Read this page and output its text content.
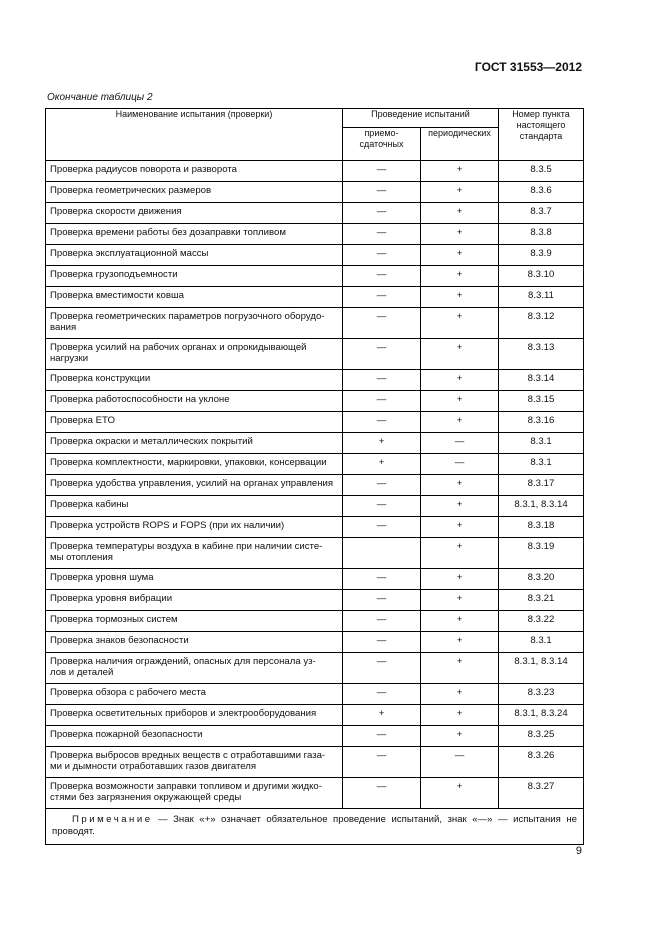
ГОСТ 31553—2012
Окончание таблицы 2
Наименование испытания (проверки)	Проведение испытаний		Номер пункта
настоящего
стандарта
	приемо-
сдаточных	периодических	
Проверка радиусов поворота и разворота	—	+	8.3.5
Проверка геометрических размеров	—	+	8.3.6
Проверка скорости движения	—	+	8.3.7
Проверка времени работы без дозаправки топливом	—	+	8.3.8
Проверка эксплуатационной массы	—	+	8.3.9
Проверка грузоподъемности	—	+	8.3.10
Проверка вместимости ковша	—	+	8.3.11
Проверка геометрических параметров погрузочного оборудо-
вания	—	+	8.3.12
Проверка усилий на рабочих органах и опрокидывающей
нагрузки	—	+	8.3.13
Проверка конструкции	—	+	8.3.14
Проверка работоспособности на уклоне	—	+	8.3.15
Проверка ЕТО	—	+	8.3.16
Проверка окраски и металлических покрытий	+	—	8.3.1
Проверка комплектности, маркировки, упаковки, консервации	+	—	8.3.1
Проверка удобства управления, усилий на органах управления	—	+	8.3.17
Проверка кабины	—	+	8.3.1, 8.3.14
Проверка устройств ROPS и FOPS (при их наличии)	—	+	8.3.18
Проверка температуры воздуха в кабине при наличии систе-
мы отопления		+	8.3.19
Проверка уровня шума	—	+	8.3.20
Проверка уровня вибрации	—	+	8.3.21
Проверка тормозных систем	—	+	8.3.22
Проверка знаков безопасности	—	+	8.3.1
Проверка наличия ограждений, опасных для персонала уз-
лов и деталей	—	+	8.3.1, 8.3.14
Проверка обзора с рабочего места	—	+	8.3.23
Проверка осветительных приборов и электрооборудования	+	+	8.3.1, 8.3.24
Проверка пожарной безопасности	—	+	8.3.25
Проверка выбросов вредных веществ с отработавшими газа-
ми и дымности отработавших газов двигателя	—	—	8.3.26
Проверка возможности заправки топливом и другими жидко-
стями без загрязнения окружающей среды	—	+	8.3.27
Примечание — Знак «+» означает обязательное проведение испытаний, знак «—» — испытания не проводят.			
9
